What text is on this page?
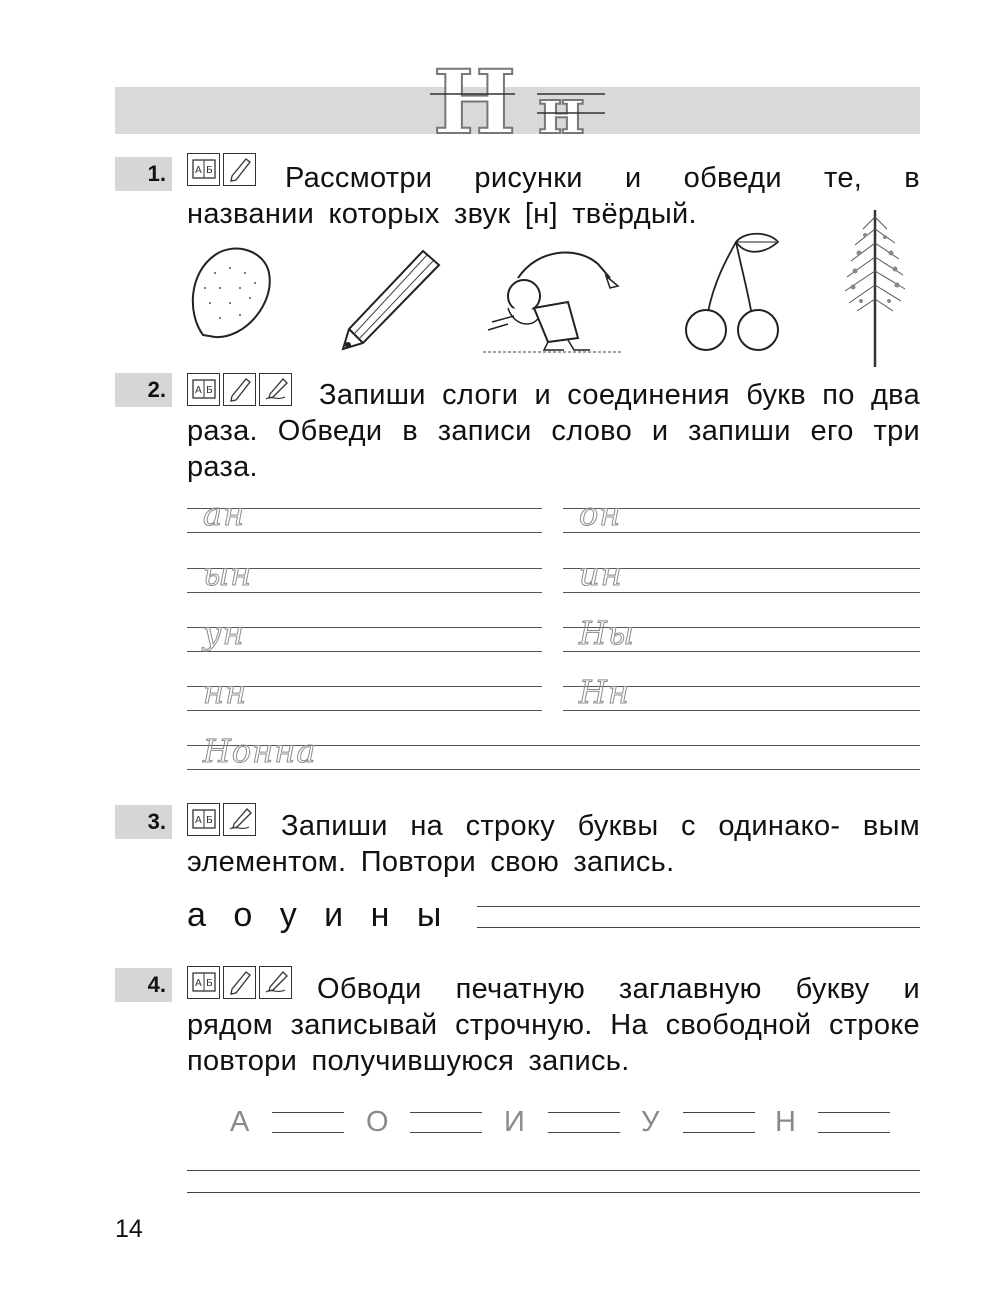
Н н
1.	А Б	Рассмотри рисунки и обведи те, в названии которых звук [н] твёрдый.
2.	А Б	Запиши слоги и соединения букв по два раза. Обведи в записи слово и запиши его три раза.
ан
ын
ун
нн
он
ин
Ны
Нн
Нонна
3.	А Б	Запиши на строку буквы с одинако- вым элементом. Повтори свою запись.
а о у и н ы
4.	А Б	Обводи печатную заглавную букву и рядом записывай строчную. На свободной строке повтори получившуюся запись.
А	О	И	У	Н
14
